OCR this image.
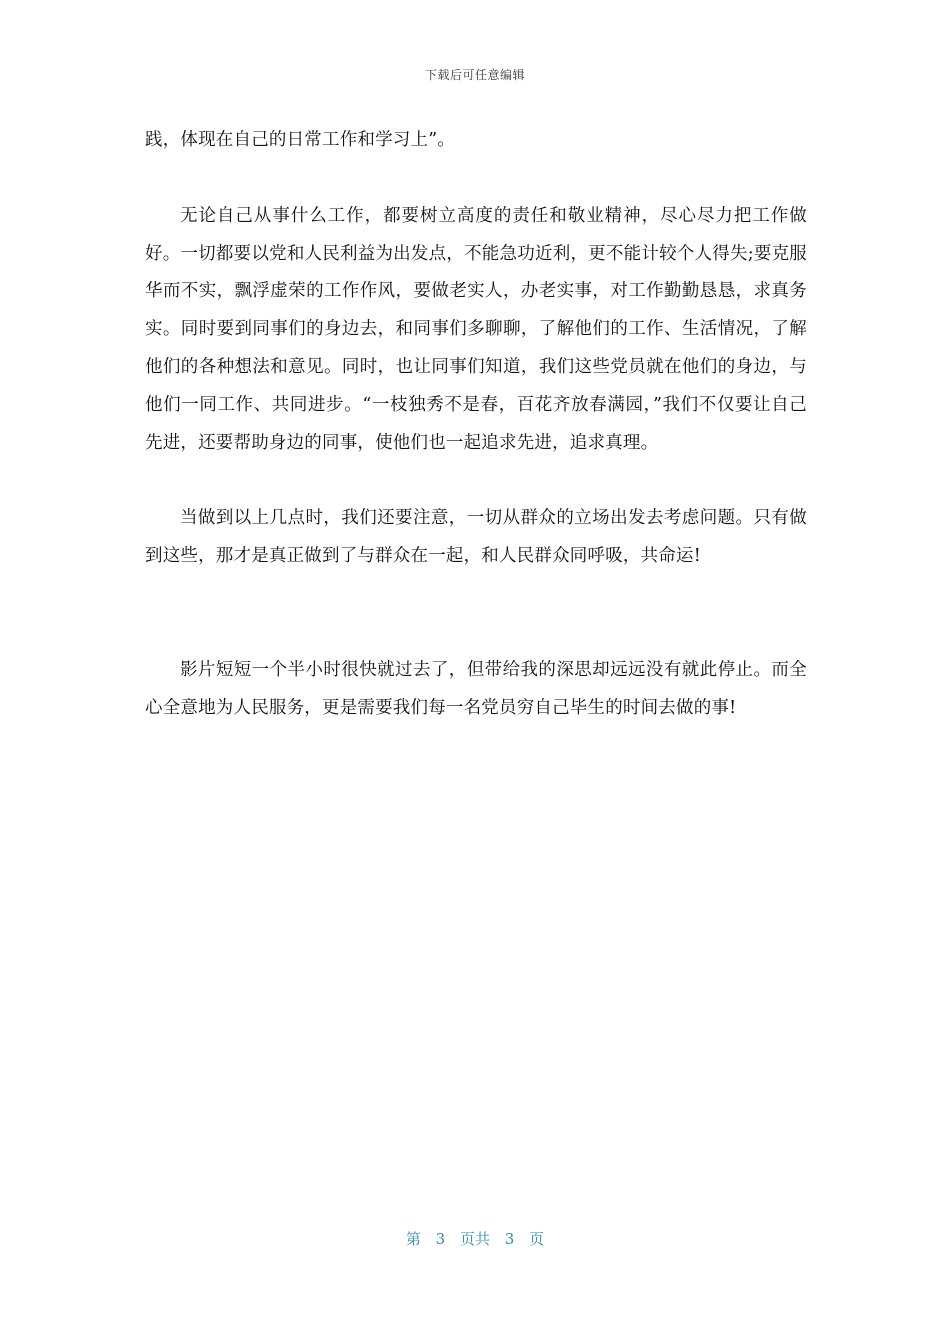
下载后可任意编辑

践，体现在自己的日常工作和学习上”。

无论自己从事什么工作，都要树立高度的责任和敬业精神，尽心尽力把工作做好。一切都要以党和人民利益为出发点，不能急功近利，更不能计较个人得失;要克服华而不实，飘浮虚荣的工作作风，要做老实人，办老实事，对工作勤勤恳恳，求真务实。同时要到同事们的身边去，和同事们多聊聊，了解他们的工作、生活情况，了解他们的各种想法和意见。同时，也让同事们知道，我们这些党员就在他们的身边，与他们一同工作、共同进步。“一枝独秀不是春，百花齐放春满园，”我们不仅要让自己先进，还要帮助身边的同事，使他们也一起追求先进，追求真理。

当做到以上几点时，我们还要注意，一切从群众的立场出发去考虑问题。只有做到这些，那才是真正做到了与群众在一起，和人民群众同呼吸，共命运!

影片短短一个半小时很快就过去了，但带给我的深思却远远没有就此停止。而全心全意地为人民服务，更是需要我们每一名党员穷自己毕生的时间去做的事!

第 3 页共 3 页
